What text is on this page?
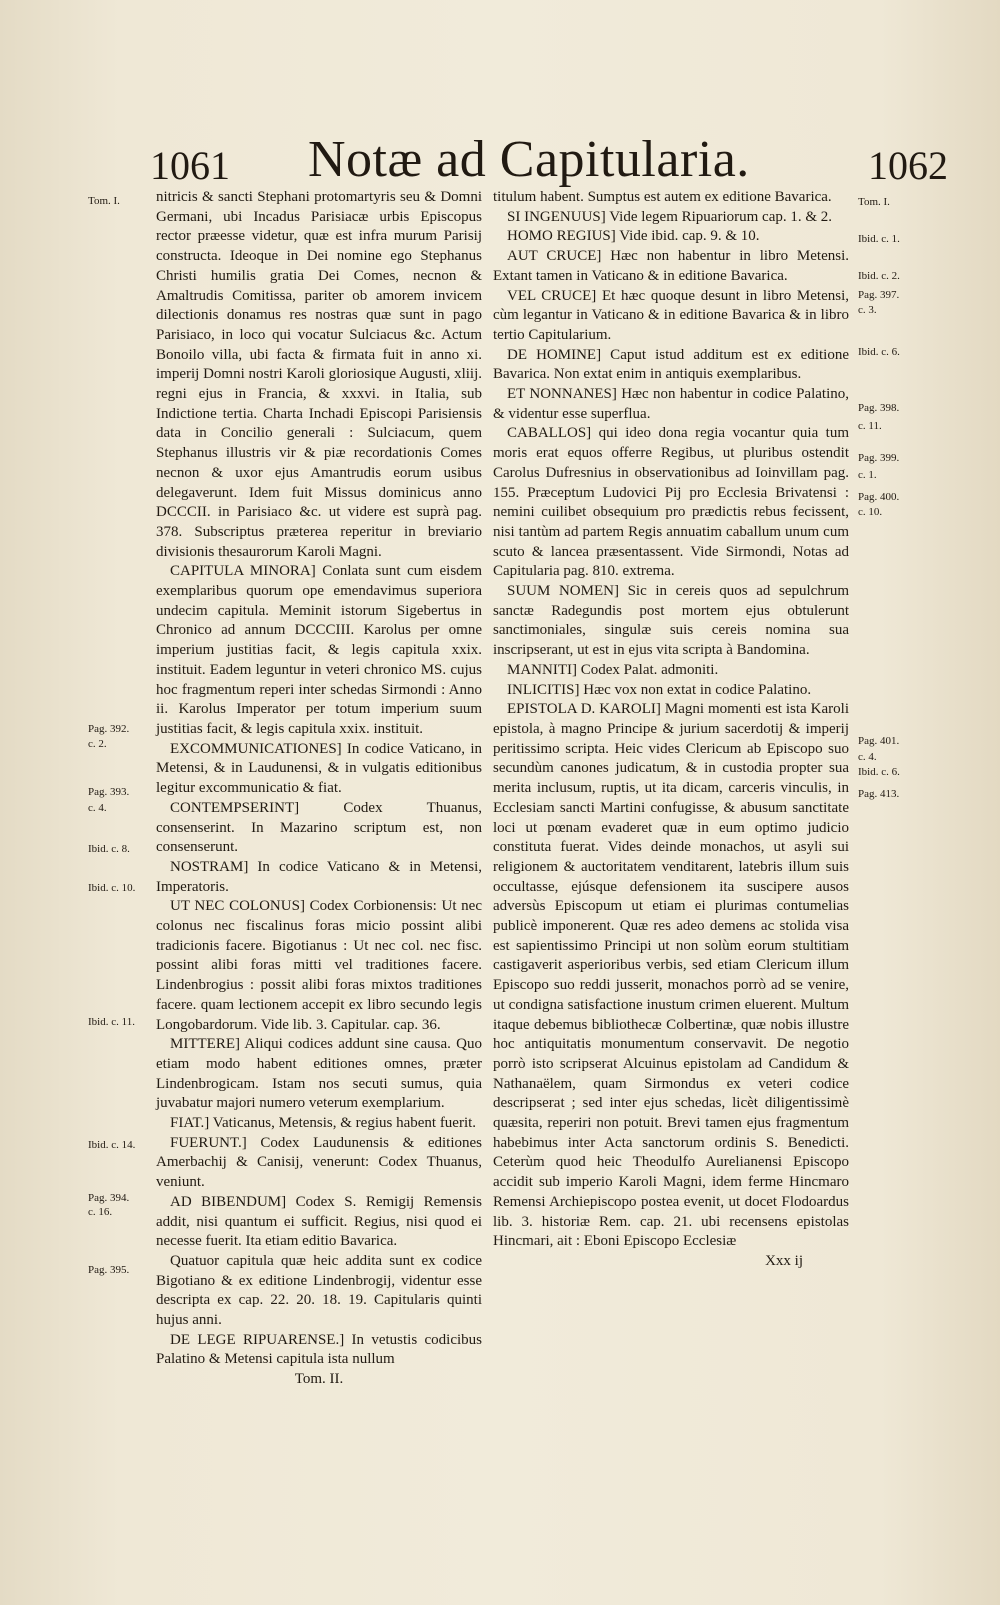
1061 Notæ ad Capitularia.	1062
Tom. I.
Pag. 392.
c. 2.
Pag. 393.
c. 4.
Ibid. c. 8.
Ibid. c. 10.
Ibid. c. 11.
Ibid. c. 14.
Pag. 394.
c. 16.
Pag. 395.
Tom. I.
Ibid. c. 1.
Ibid. c. 2.
Pag. 397.
c. 3.
Ibid. c. 6.
Pag. 398.
c. 11.
Pag. 399.
c. 1.
Pag. 400.
c. 10.
Pag. 401.
c. 4.
Ibid. c. 6.
Pag. 413.

nitricis & sancti Stephani protomartyris seu & Domni Germani, ubi Incadus Parisiacæ urbis Episcopus rector præesse videtur, quæ est infra murum Parisij constructa. Ideoque in Dei nomine ego Stephanus Christi humilis gratia Dei Comes, necnon & Amaltrudis Comitissa, pariter ob amorem invicem dilectionis donamus res nostras quæ sunt in pago Parisiaco, in loco qui vocatur Sulciacus &c. Actum Bonoilo villa, ubi facta & firmata fuit in anno xi. imperij Domni nostri Karoli gloriosique Augusti, xliij. regni ejus in Francia, & xxxvi. in Italia, sub Indictione tertia. Charta Inchadi Episcopi Parisiensis data in Concilio generali : Sulciacum, quem Stephanus illustris vir & piæ recordationis Comes necnon & uxor ejus Amantrudis eorum usibus delegaverunt. Idem fuit Missus dominicus anno DCCCII. in Parisiaco &c. ut videre est suprà pag. 378. Subscriptus præterea reperitur in breviario divisionis thesaurorum Karoli Magni.

CAPITULA MINORA] Conlata sunt cum eisdem exemplaribus quorum ope emendavimus superiora undecim capitula. Meminit istorum Sigebertus in Chronico ad annum DCCCIII. Karolus per omne imperium justitias facit, & legis capitula xxix. instituit. Eadem leguntur in veteri chronico MS. cujus hoc fragmentum reperi inter schedas Sirmondi : Anno ii. Karolus Imperator per totum imperium suum justitias facit, & legis capitula xxix. instituit.

EXCOMMUNICATIONES] In codice Vaticano, in Metensi, & in Laudunensi, & in vulgatis editionibus legitur excommunicatio & fiat.

CONTEMPSERINT] Codex Thuanus, consenserint. In Mazarino scriptum est, non consenserunt.

NOSTRAM] In codice Vaticano & in Metensi, Imperatoris.

UT NEC COLONUS] Codex Corbionensis: Ut nec colonus nec fiscalinus foras micio possint alibi tradicionis facere. Bigotianus : Ut nec col. nec fisc. possint alibi foras mitti vel traditiones facere. Lindenbrogius : possit alibi foras mixtos traditiones facere. quam lectionem accepit ex libro secundo legis Longobardorum. Vide lib. 3. Capitular. cap. 36.

MITTERE] Aliqui codices addunt sine causa. Quo etiam modo habent editiones omnes, præter Lindenbrogicam. Istam nos secuti sumus, quia juvabatur majori numero veterum exemplarium.

FIAT.] Vaticanus, Metensis, & regius habent fuerit.

FUERUNT.] Codex Laudunensis & editiones Amerbachij & Canisij, venerunt: Codex Thuanus, veniunt.

AD BIBENDUM] Codex S. Remigij Remensis addit, nisi quantum ei sufficit. Regius, nisi quod ei necesse fuerit. Ita etiam editio Bavarica.

Quatuor capitula quæ heic addita sunt ex codice Bigotiano & ex editione Lindenbrogij, videntur esse descripta ex cap. 22. 20. 18. 19. Capitularis quinti hujus anni.

DE LEGE RIPUARENSE.] In vetustis codicibus Palatino & Metensi capitula ista nullum

Tom. II.

titulum habent. Sumptus est autem ex editione Bavarica.

SI INGENUUS] Vide legem Ripuariorum cap. 1. & 2.

HOMO REGIUS] Vide ibid. cap. 9. & 10.

AUT CRUCE] Hæc non habentur in libro Metensi. Extant tamen in Vaticano & in editione Bavarica.

VEL CRUCE] Et hæc quoque desunt in libro Metensi, cùm legantur in Vaticano & in editione Bavarica & in libro tertio Capitularium.

DE HOMINE] Caput istud additum est ex editione Bavarica. Non extat enim in antiquis exemplaribus.

ET NONNANES] Hæc non habentur in codice Palatino, & videntur esse superflua.

CABALLOS] qui ideo dona regia vocantur quia tum moris erat equos offerre Regibus, ut pluribus ostendit Carolus Dufresnius in observationibus ad Ioinvillam pag. 155. Præceptum Ludovici Pij pro Ecclesia Brivatensi : nemini cuilibet obsequium pro prædictis rebus fecissent, nisi tantùm ad partem Regis annuatim caballum unum cum scuto & lancea præsentassent. Vide Sirmondi, Notas ad Capitularia pag. 810. extrema.

SUUM NOMEN] Sic in cereis quos ad sepulchrum sanctæ Radegundis post mortem ejus obtulerunt sanctimoniales, singulæ suis cereis nomina sua inscripserant, ut est in ejus vita scripta à Bandomina.

MANNITI] Codex Palat. admoniti.

INLICITIS] Hæc vox non extat in codice Palatino.

EPISTOLA D. KAROLI] Magni momenti est ista Karoli epistola, à magno Principe & jurium sacerdotij & imperij peritissimo scripta. Heic vides Clericum ab Episcopo suo secundùm canones judicatum, & in custodia propter sua merita inclusum, ruptis, ut ita dicam, carceris vinculis, in Ecclesiam sancti Martini confugisse, & abusum sanctitate loci ut pœnam evaderet quæ in eum optimo judicio constituta fuerat. Vides deinde monachos, ut asyli sui religionem & auctoritatem venditarent, latebris illum suis occultasse, ejúsque defensionem ita suscipere ausos adversùs Episcopum ut etiam ei plurimas contumelias publicè imponerent. Quæ res adeo demens ac stolida visa est sapientissimo Principi ut non solùm eorum stultitiam castigaverit asperioribus verbis, sed etiam Clericum illum Episcopo suo reddi jusserit, monachos porrò ad se venire, ut condigna satisfactione inustum crimen eluerent. Multum itaque debemus bibliothecæ Colbertinæ, quæ nobis illustre hoc antiquitatis monumentum conservavit. De negotio porrò isto scripserat Alcuinus epistolam ad Candidum & Nathanaëlem, quam Sirmondus ex veteri codice descripserat ; sed inter ejus schedas, licèt diligentissimè quæsita, reperiri non potuit. Brevi tamen ejus fragmentum habebimus inter Acta sanctorum ordinis S. Benedicti. Ceterùm quod heic Theodulfo Aurelianensi Episcopo accidit sub imperio Karoli Magni, idem ferme Hincmaro Remensi Archiepiscopo postea evenit, ut docet Flodoardus lib. 3. historiæ Rem. cap. 21. ubi recensens epistolas Hincmari, ait : Eboni Episcopo Ecclesiæ

Xxx ij
